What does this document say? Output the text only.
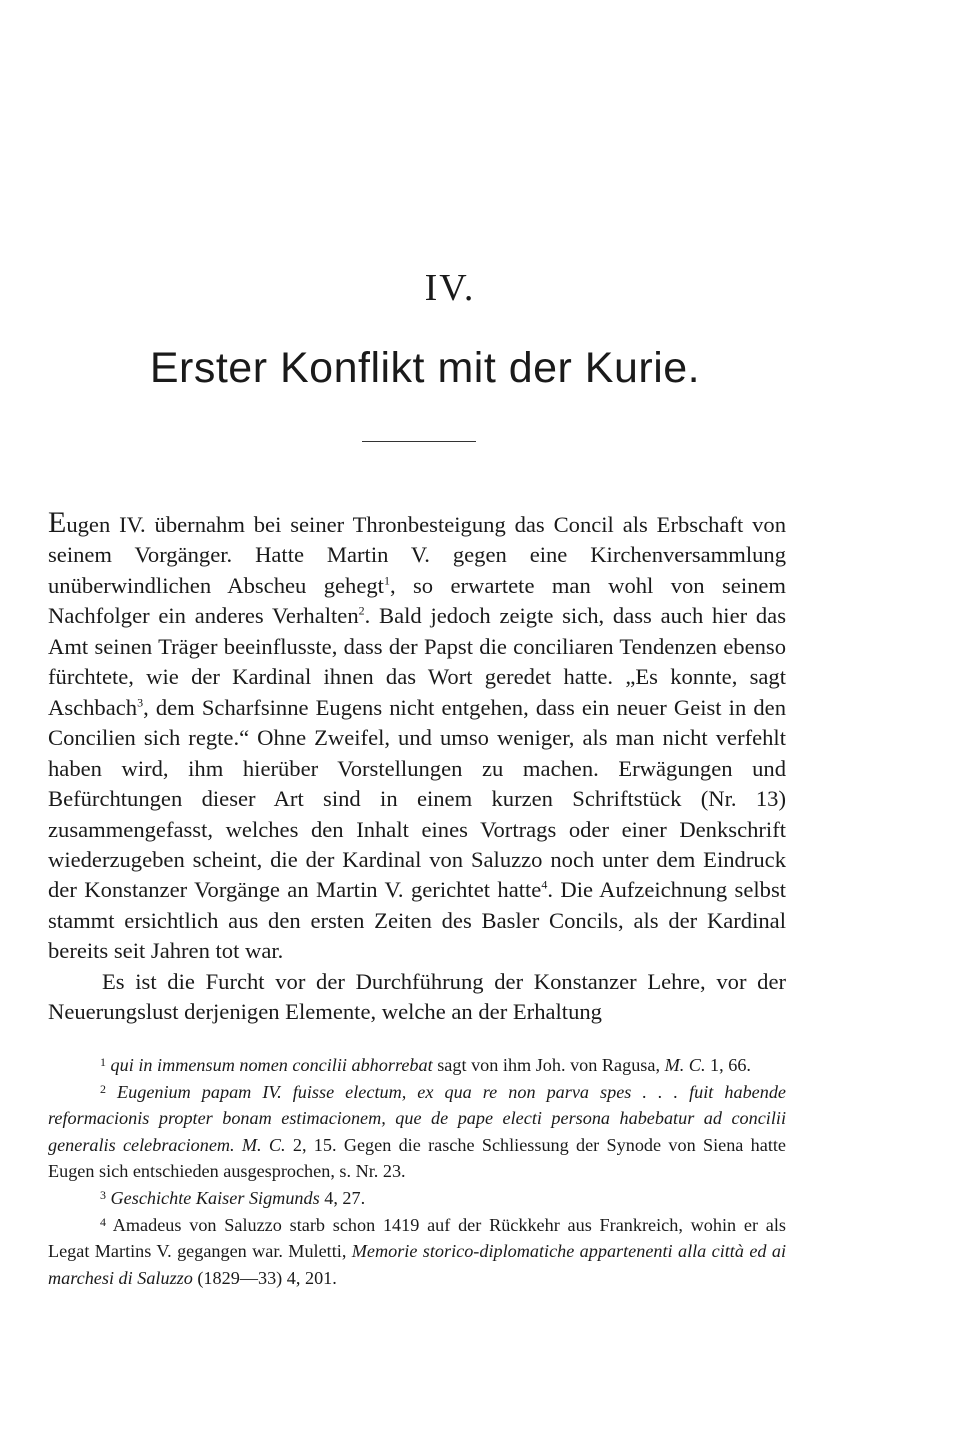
IV.
Erster Konflikt mit der Kurie.

Eugen IV. übernahm bei seiner Thronbesteigung das Concil als Erbschaft von seinem Vorgänger. Hatte Martin V. gegen eine Kirchenversammlung unüberwindlichen Abscheu gehegt$^1$, so erwartete man wohl von seinem Nachfolger ein anderes Verhalten$^2$. Bald jedoch zeigte sich, dass auch hier das Amt seinen Träger beeinflusste, dass der Papst die conciliaren Tendenzen ebenso fürchtete, wie der Kardinal ihnen das Wort geredet hatte. „Es konnte, sagt Aschbach$^3$, dem Scharfsinne Eugens nicht entgehen, dass ein neuer Geist in den Concilien sich regte.“ Ohne Zweifel, und umso weniger, als man nicht verfehlt haben wird, ihm hierüber Vorstellungen zu machen. Erwägungen und Befürchtungen dieser Art sind in einem kurzen Schriftstück (Nr. 13) zusammengefasst, welches den Inhalt eines Vortrags oder einer Denkschrift wiederzugeben scheint, die der Kardinal von Saluzzo noch unter dem Eindruck der Konstanzer Vorgänge an Martin V. gerichtet hatte$^4$. Die Aufzeichnung selbst stammt ersichtlich aus den ersten Zeiten des Basler Concils, als der Kardinal bereits seit Jahren tot war.

Es ist die Furcht vor der Durchführung der Konstanzer Lehre, vor der Neuerungslust derjenigen Elemente, welche an der Erhaltung

$^1$ qui in immensum nomen concilii abhorrebat sagt von ihm Joh. von Ragusa, M. C. 1, 66.

$^2$ Eugenium papam IV. fuisse electum, ex qua re non parva spes . . . fuit habende reformacionis propter bonam estimacionem, que de pape electi persona habebatur ad concilii generalis celebracionem. M. C. 2, 15. Gegen die rasche Schliessung der Synode von Siena hatte Eugen sich entschieden ausgesprochen, s. Nr. 23.

$^3$ Geschichte Kaiser Sigmunds 4, 27.

$^4$ Amadeus von Saluzzo starb schon 1419 auf der Rückkehr aus Frankreich, wohin er als Legat Martins V. gegangen war. Muletti, Memorie storico-diplomatiche appartenenti alla città ed ai marchesi di Saluzzo (1829—33) 4, 201.
